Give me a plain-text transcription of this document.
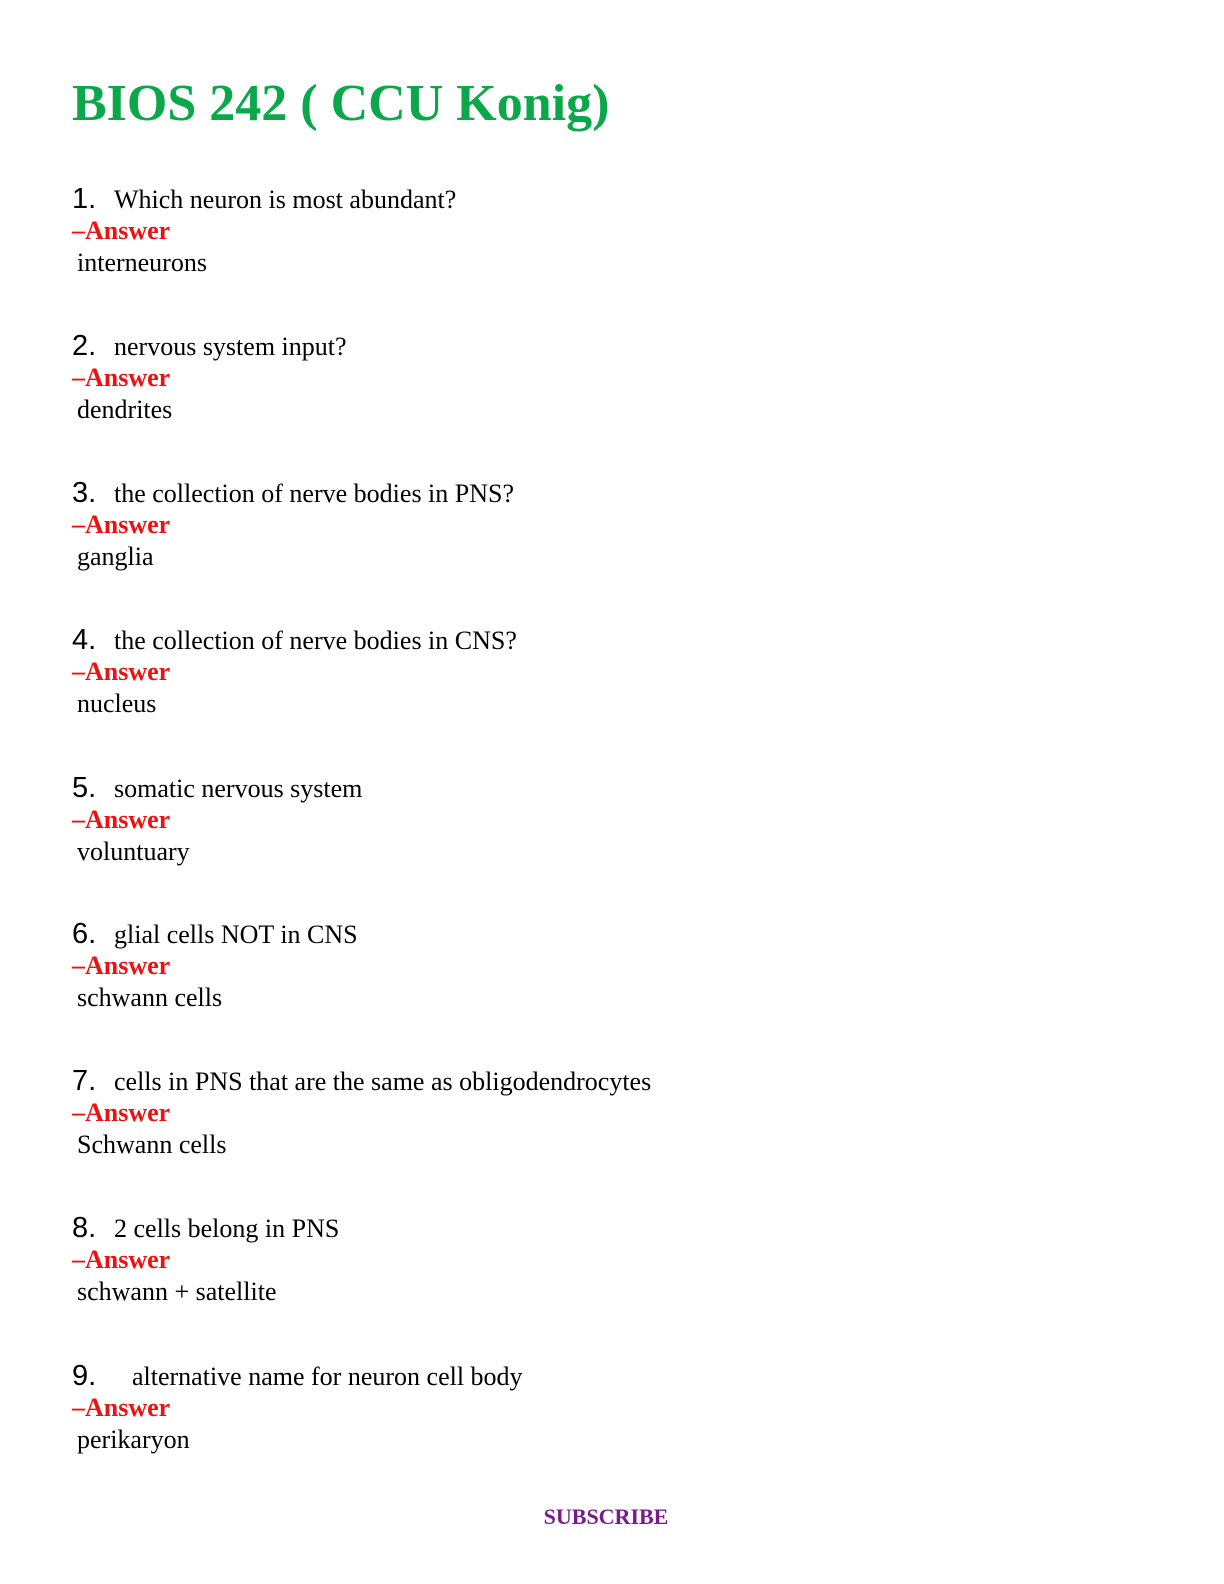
BIOS 242 ( CCU Konig)
1. Which neuron is most abundant?
–Answer
interneurons
2. nervous system input?
–Answer
dendrites
3. the collection of nerve bodies in PNS?
–Answer
ganglia
4. the collection of nerve bodies in CNS?
–Answer
nucleus
5. somatic nervous system
–Answer
voluntuary
6. glial cells NOT in CNS
–Answer
schwann cells
7. cells in PNS that are the same as obligodendrocytes
–Answer
Schwann cells
8. 2 cells belong in PNS
–Answer
schwann + satellite
9. alternative name for neuron cell body
–Answer
perikaryon
SUBSCRIBE
